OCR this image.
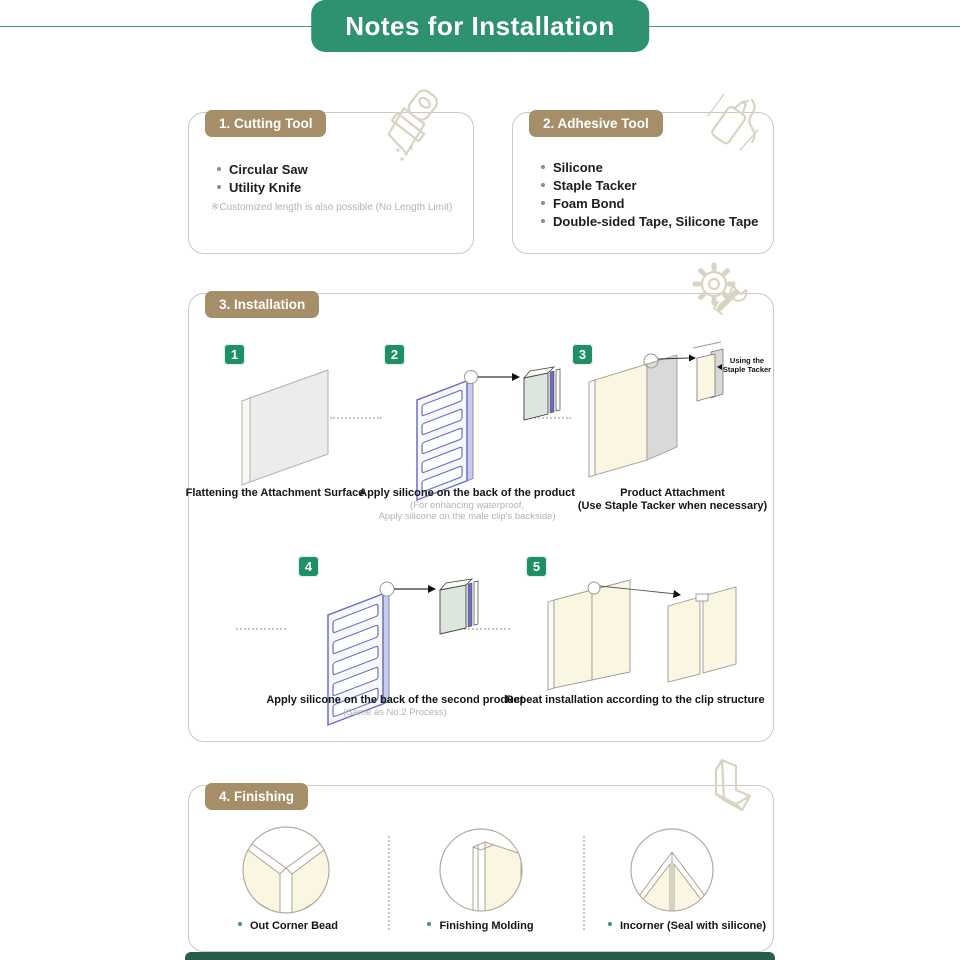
Notes for Installation
1. Cutting Tool
Circular Saw
Utility Knife
※Customized length is also possible (No Length Limit)
2. Adhesive Tool
Silicone
Staple Tacker
Foam Bond
Double-sided Tape, Silicone Tape
3. Installation
1	2	3
4	5
Using the Staple Tacker
Flattening the Attachment Surface
Apply silicone on the back of the product
(For enhancing waterproof,
Apply silicone on the male clip's backside)
Product Attachment
(Use Staple Tacker when necessary)
Apply silicone on the back of the second product
(Same as No.2 Process)
Repeat installation according to the clip structure
4. Finishing
Out Corner Bead	Finishing Molding	Incorner (Seal with silicone)
